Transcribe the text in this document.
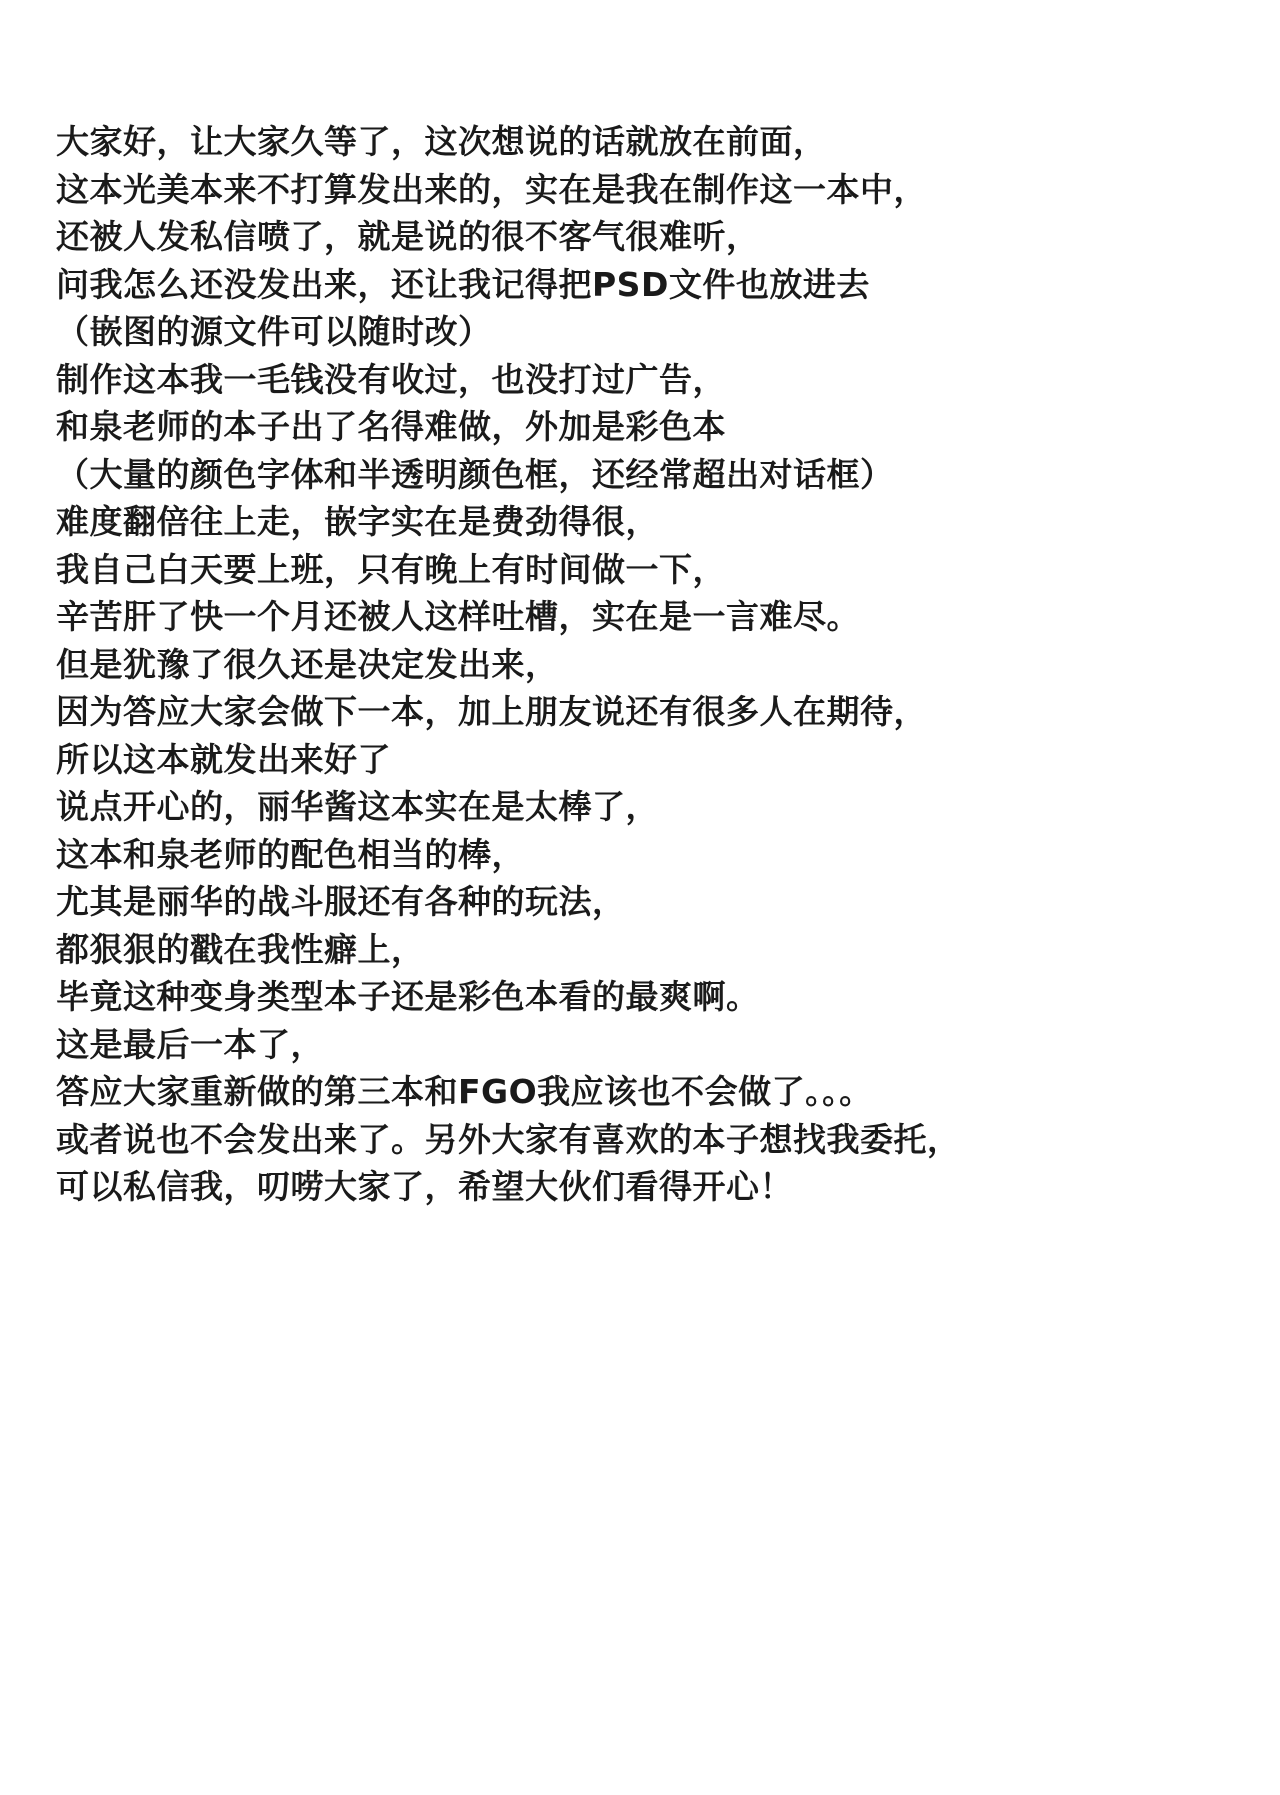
大家好，让大家久等了，这次想说的话就放在前面，

这本光美本来不打算发出来的，实在是我在制作这一本中，

还被人发私信喷了，就是说的很不客气很难听，

问我怎么还没发出来，还让我记得把PSD文件也放进去

（嵌图的源文件可以随时改）

制作这本我一毛钱没有收过，也没打过广告，

和泉老师的本子出了名得难做，外加是彩色本

（大量的颜色字体和半透明颜色框，还经常超出对话框）

难度翻倍往上走，嵌字实在是费劲得很，

我自己白天要上班，只有晚上有时间做一下，

辛苦肝了快一个月还被人这样吐槽，实在是一言难尽。

但是犹豫了很久还是决定发出来，

因为答应大家会做下一本，加上朋友说还有很多人在期待，

所以这本就发出来好了

说点开心的，丽华酱这本实在是太棒了，

这本和泉老师的配色相当的棒，

尤其是丽华的战斗服还有各种的玩法，

都狠狠的戳在我性癖上，

毕竟这种变身类型本子还是彩色本看的最爽啊。

这是最后一本了，

答应大家重新做的第三本和FGO我应该也不会做了。。。

或者说也不会发出来了。另外大家有喜欢的本子想找我委托，

可以私信我，叨唠大家了，希望大伙们看得开心！
